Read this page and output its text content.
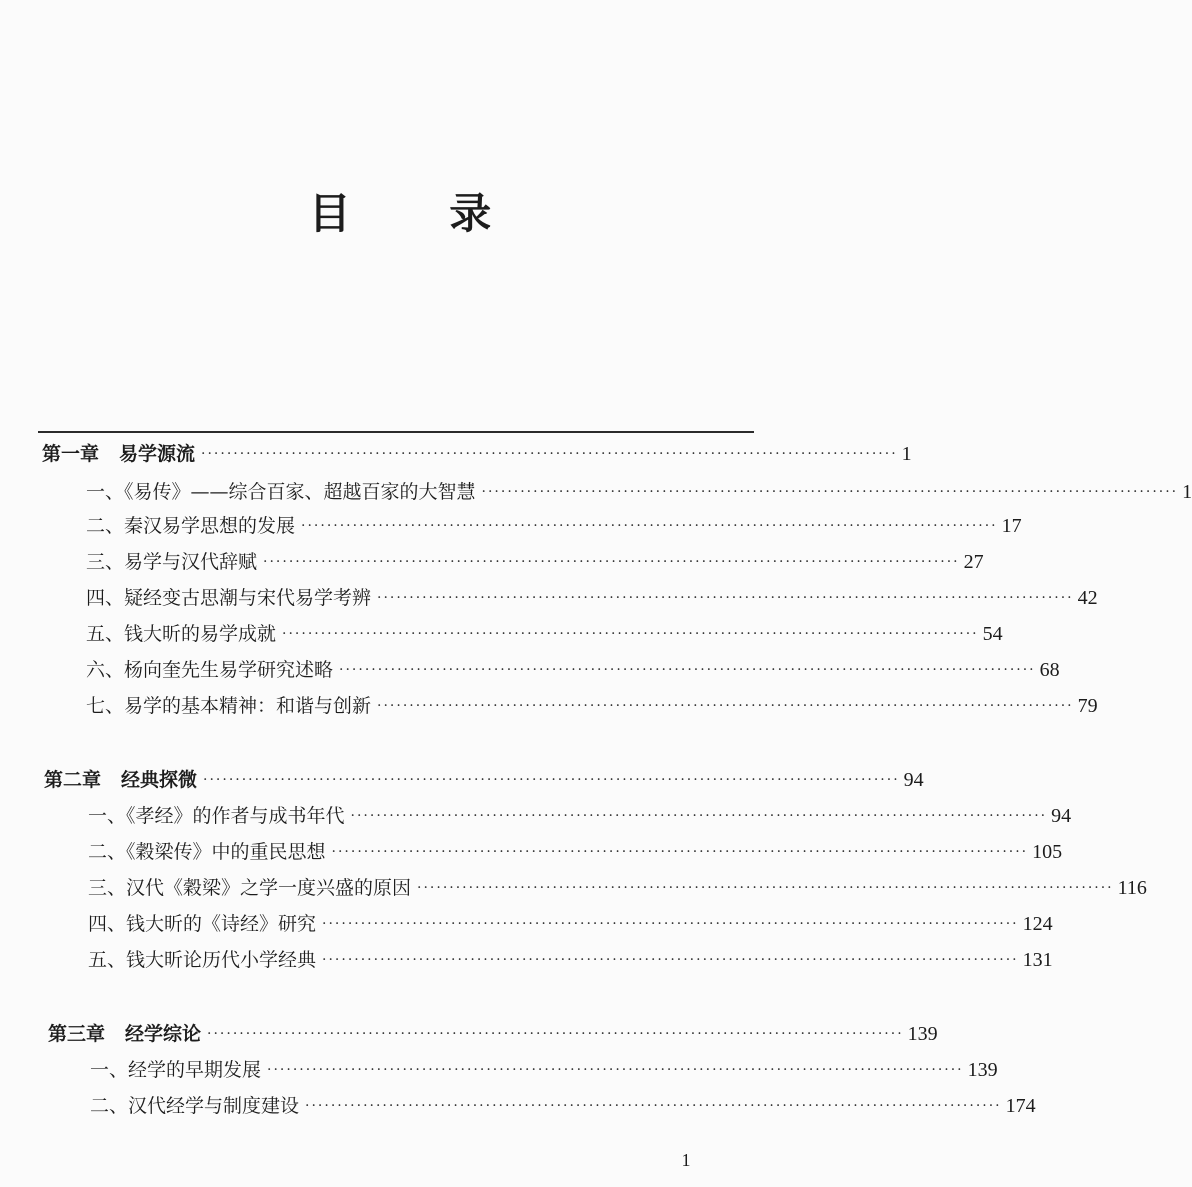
目 录
第一章 易学源流 ············································································································ 1
一、《易传》——综合百家、超越百家的大智慧 ············································································································ 1
二、秦汉易学思想的发展 ············································································································ 17
三、易学与汉代辞赋 ············································································································ 27
四、疑经变古思潮与宋代易学考辨 ············································································································ 42
五、钱大昕的易学成就 ············································································································ 54
六、杨向奎先生易学研究述略 ············································································································ 68
七、易学的基本精神：和谐与创新 ············································································································ 79
第二章 经典探微 ············································································································ 94
一、《孝经》的作者与成书年代 ············································································································ 94
二、《穀梁传》中的重民思想 ············································································································ 105
三、汉代《穀梁》之学一度兴盛的原因 ············································································································ 116
四、钱大昕的《诗经》研究 ············································································································ 124
五、钱大昕论历代小学经典 ············································································································ 131
第三章 经学综论 ············································································································ 139
一、经学的早期发展 ············································································································ 139
二、汉代经学与制度建设 ············································································································ 174
1
